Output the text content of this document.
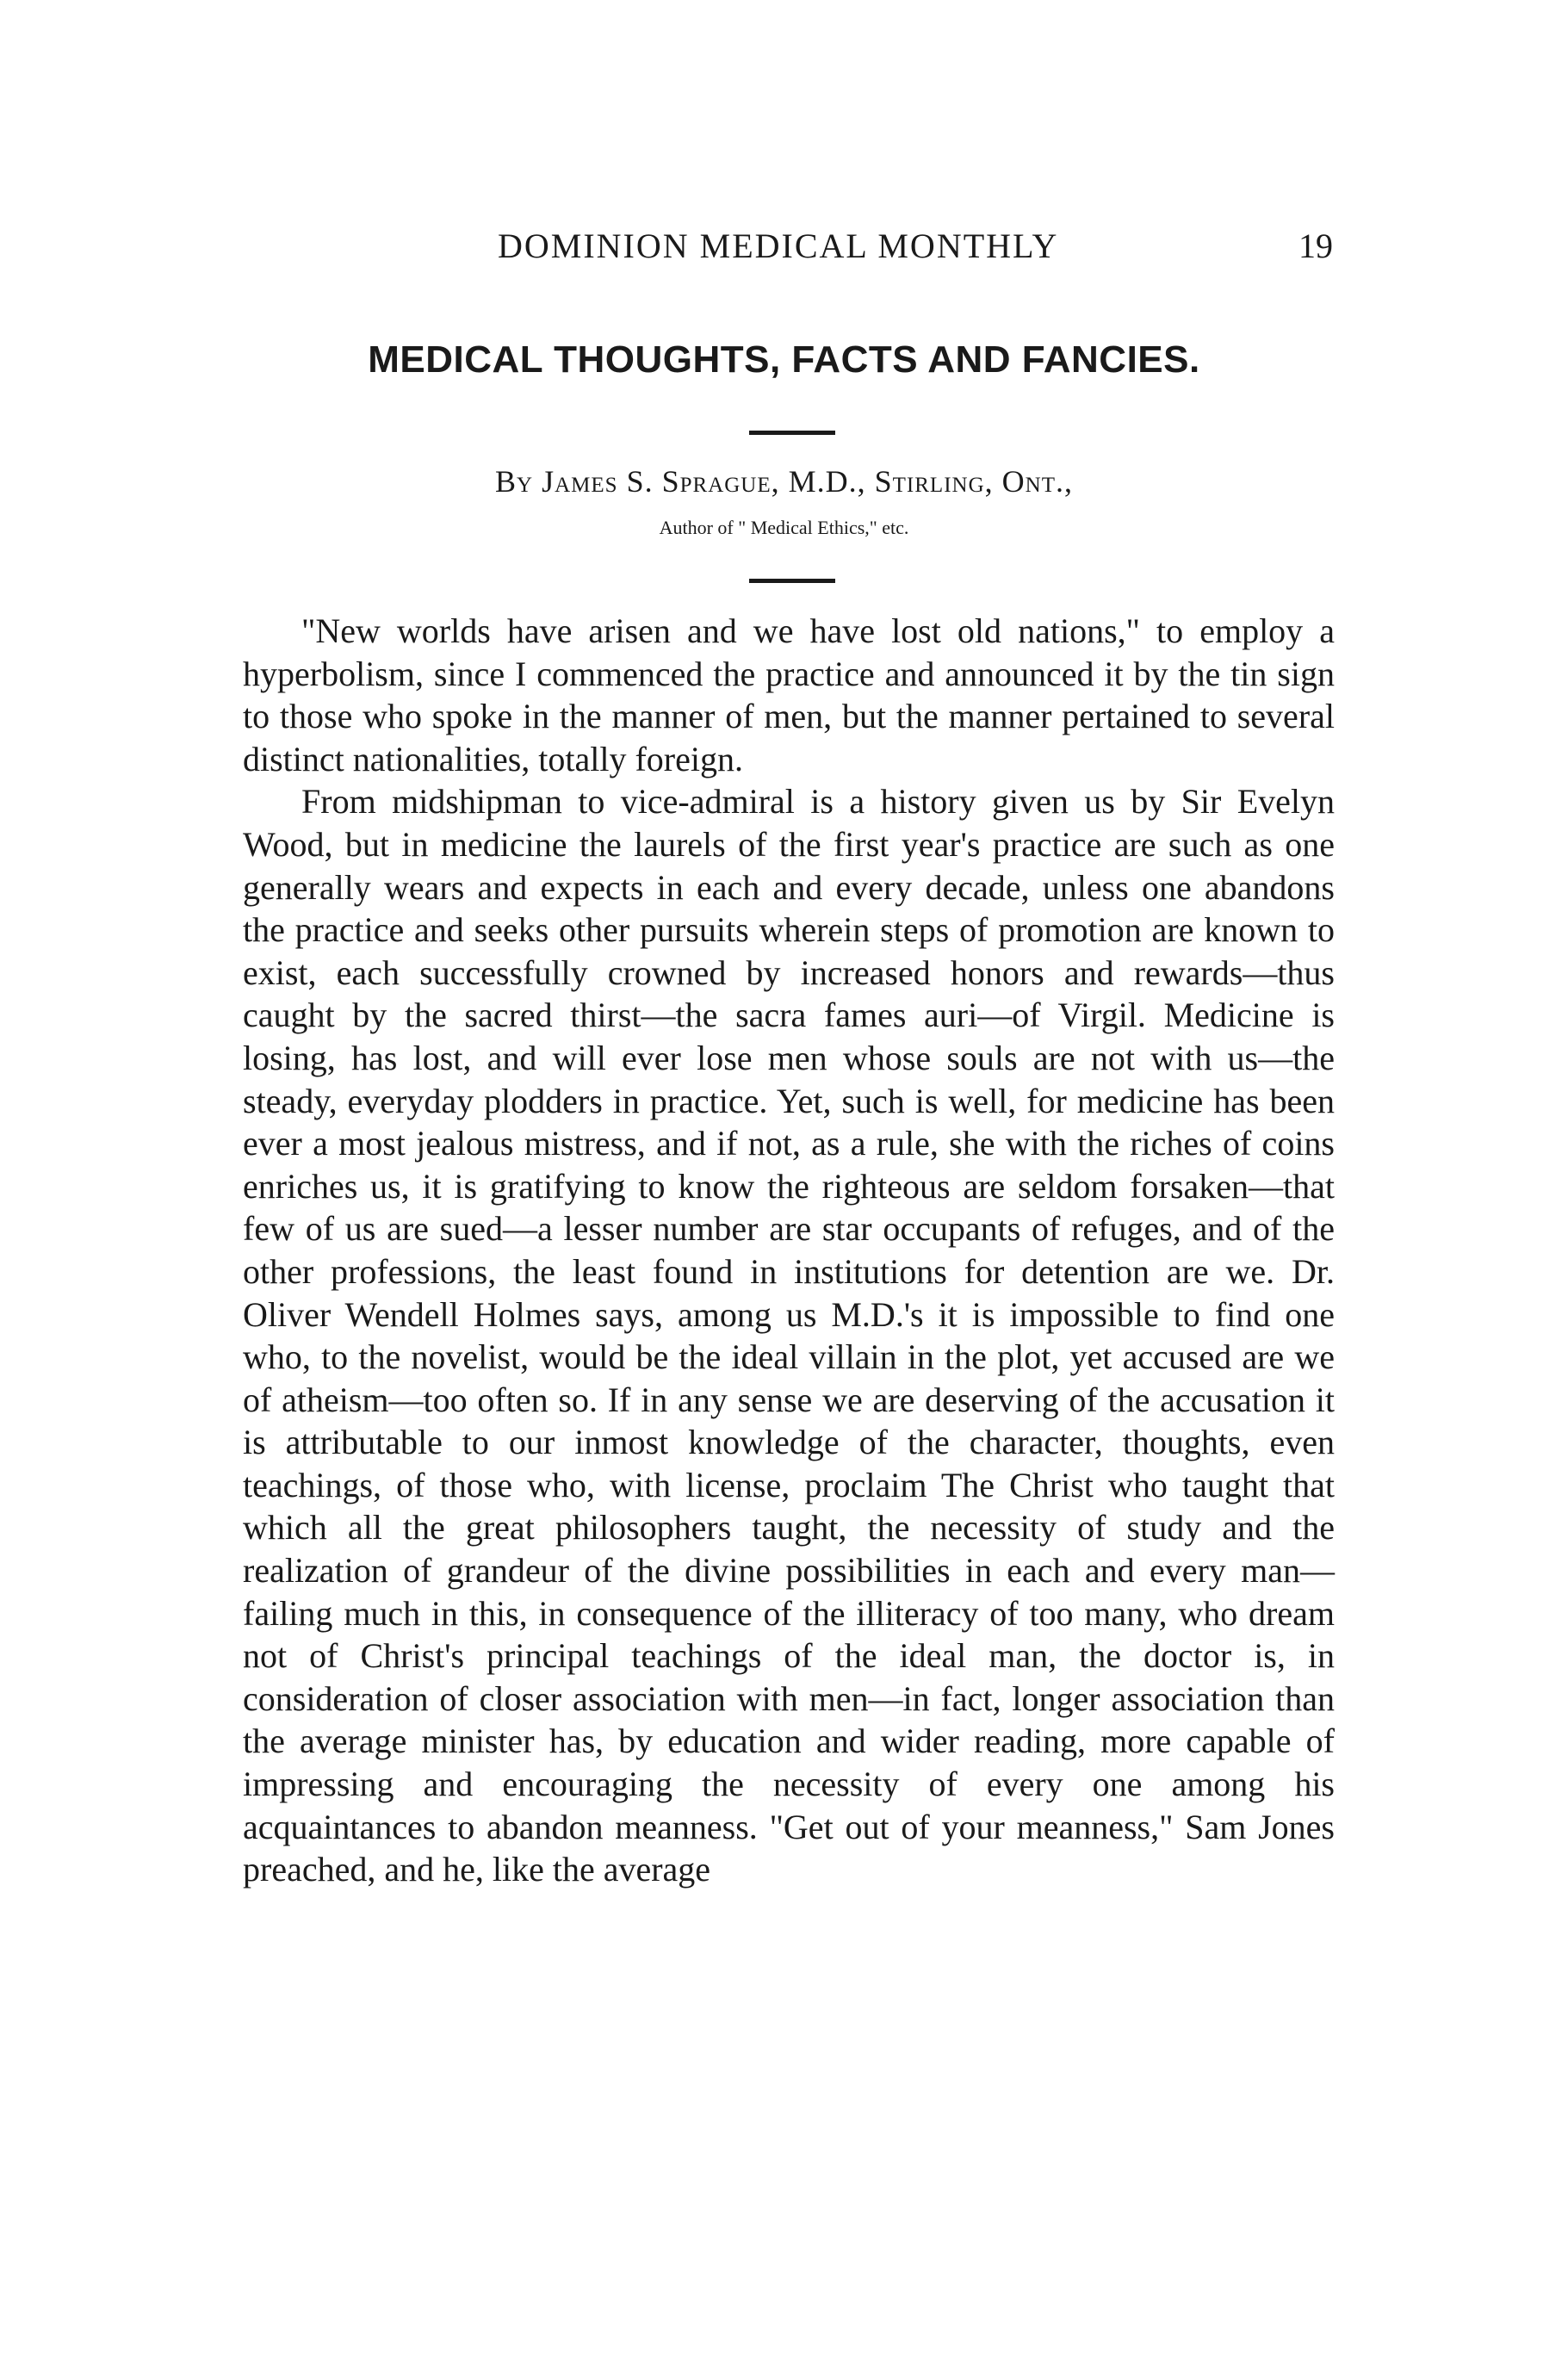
DOMINION MEDICAL MONTHLY	19
MEDICAL THOUGHTS, FACTS AND FANCIES.
By James S. Sprague, M.D., Stirling, Ont.,
Author of " Medical Ethics," etc.

"New worlds have arisen and we have lost old nations," to employ a hyperbolism, since I commenced the practice and announced it by the tin sign to those who spoke in the manner of men, but the manner pertained to several distinct nationalities, totally foreign.

From midshipman to vice-admiral is a history given us by Sir Evelyn Wood, but in medicine the laurels of the first year's practice are such as one generally wears and expects in each and every decade, unless one abandons the practice and seeks other pursuits wherein steps of promotion are known to exist, each successfully crowned by increased honors and rewards—thus caught by the sacred thirst—the sacra fames auri—of Virgil. Medicine is losing, has lost, and will ever lose men whose souls are not with us—the steady, everyday plodders in practice. Yet, such is well, for medicine has been ever a most jealous mistress, and if not, as a rule, she with the riches of coins enriches us, it is gratifying to know the righteous are seldom forsaken—that few of us are sued—a lesser number are star occupants of refuges, and of the other professions, the least found in institutions for detention are we. Dr. Oliver Wendell Holmes says, among us M.D.'s it is impossible to find one who, to the novelist, would be the ideal villain in the plot, yet accused are we of atheism—too often so. If in any sense we are deserving of the accusation it is attributable to our inmost knowledge of the character, thoughts, even teachings, of those who, with license, proclaim The Christ who taught that which all the great philosophers taught, the necessity of study and the realization of grandeur of the divine possibilities in each and every man—failing much in this, in consequence of the illiteracy of too many, who dream not of Christ's principal teachings of the ideal man, the doctor is, in consideration of closer association with men—in fact, longer association than the average minister has, by education and wider reading, more capable of impressing and encouraging the necessity of every one among his acquaintances to abandon meanness. "Get out of your meanness," Sam Jones preached, and he, like the average
